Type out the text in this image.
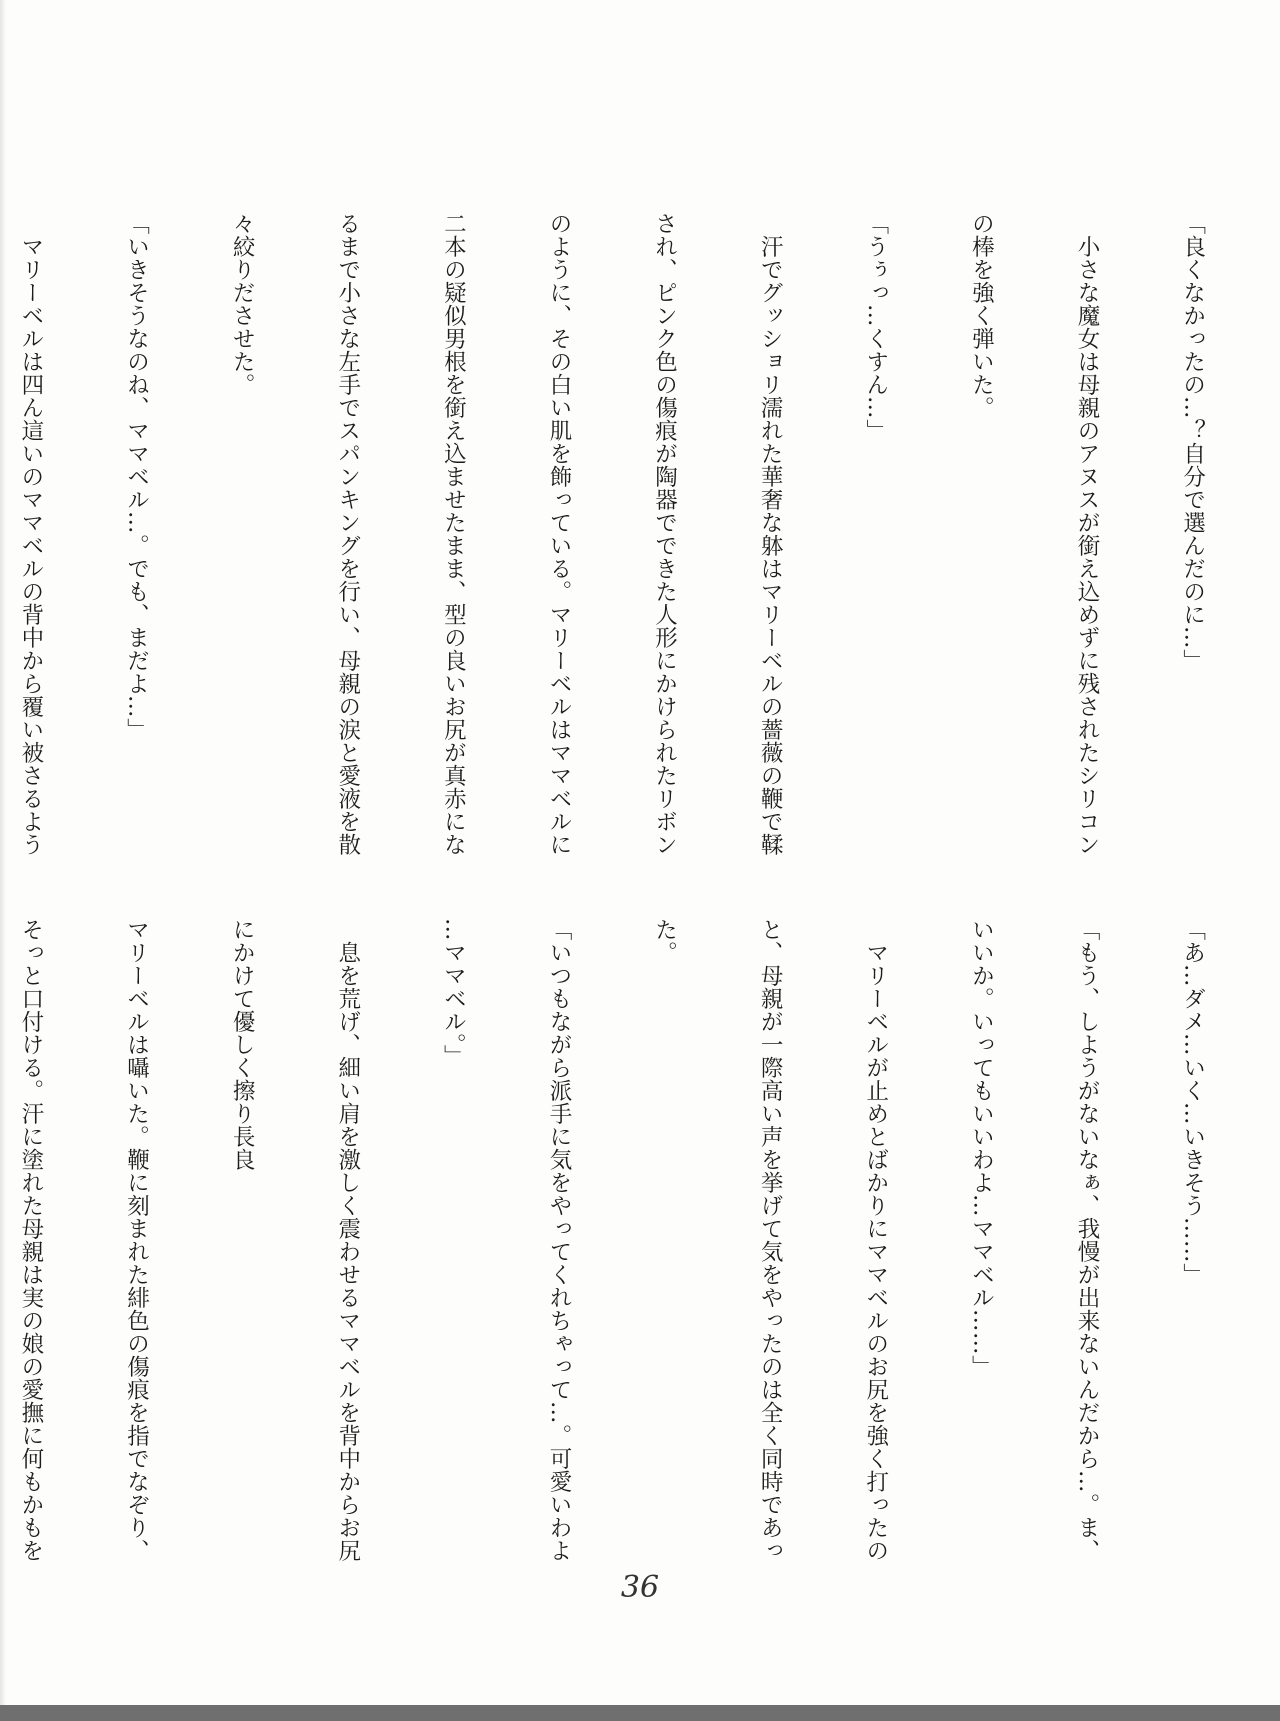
「良くなかったの…？自分で選んだのに…」

　小さな魔女は母親のアヌスが銜え込めずに残されたシリコン

の棒を強く弾いた。

「うぅっ…くすん…」

　汗でグッショリ濡れた華奢な躰はマリーベルの薔薇の鞭で鞣

され、ピンク色の傷痕が陶器でできた人形にかけられたリボン

のように、その白い肌を飾っている。マリーベルはママベルに

二本の疑似男根を銜え込ませたまま、型の良いお尻が真赤にな

るまで小さな左手でスパンキングを行い、母親の涙と愛液を散

々絞りださせた。

「いきそうなのね、ママベル…。でも、まだよ…」

　マリーベルは四ん這いのママベルの背中から覆い被さるよう

「あ…ダメ…いく…いきそう……」

「もう、しようがないなぁ、我慢が出来ないんだから…。ま、

いいか。いってもいいわよ…ママベル……」

　マリーベルが止めとばかりにママベルのお尻を強く打ったの

と、母親が一際高い声を挙げて気をやったのは全く同時であっ

た。

「いつもながら派手に気をやってくれちゃって…。可愛いわよ

…ママベル。」

　息を荒げ、細い肩を激しく震わせるママベルを背中からお尻

にかけて優しく擦り長良

マリーベルは囁いた。鞭に刻まれた緋色の傷痕を指でなぞり、

そっと口付ける。汗に塗れた母親は実の娘の愛撫に何もかもを

36
